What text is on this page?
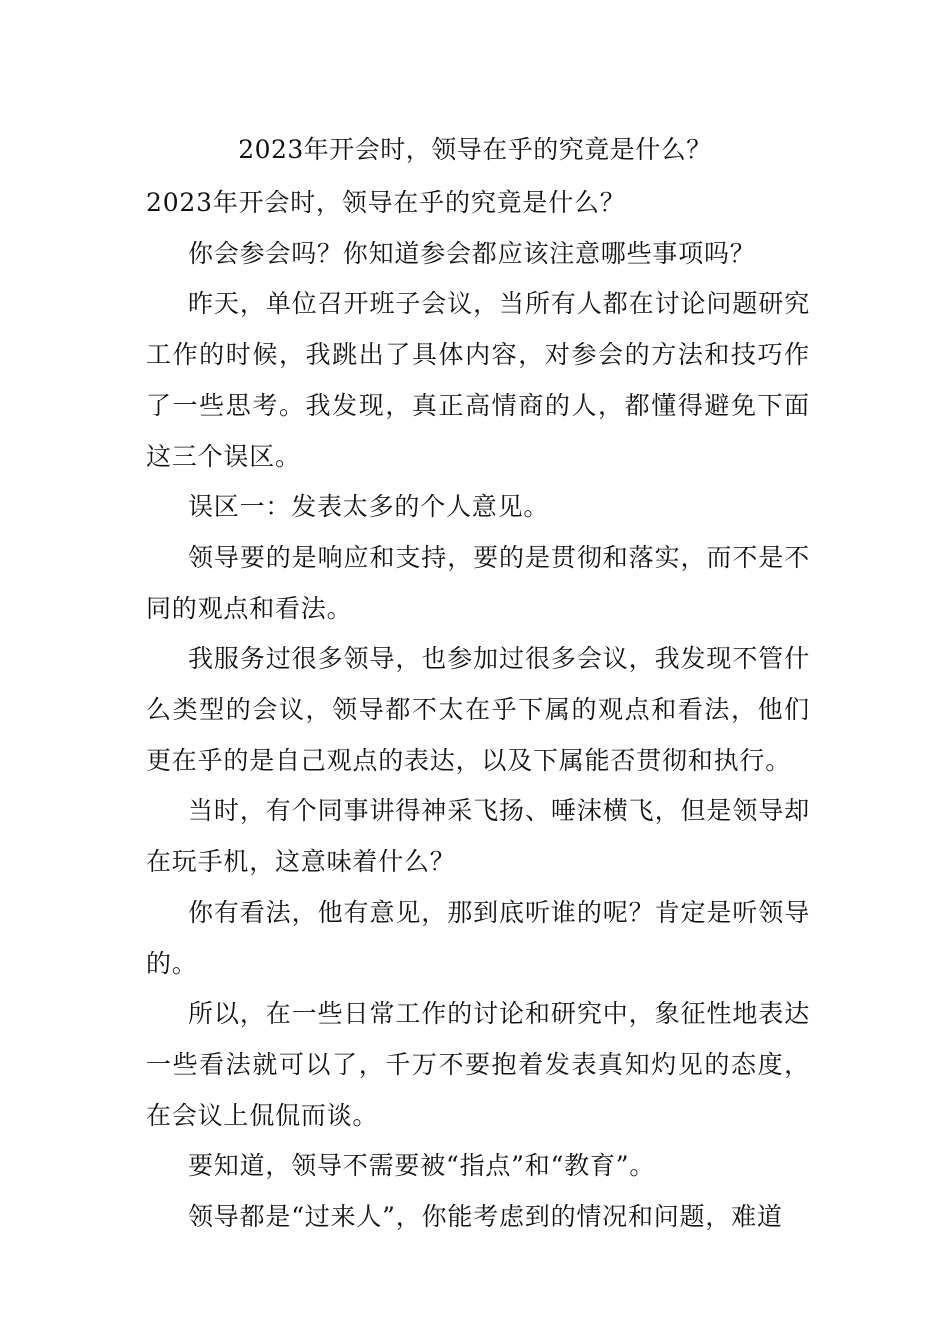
2023年开会时，领导在乎的究竟是什么？

2023年开会时，领导在乎的究竟是什么？

你会参会吗？你知道参会都应该注意哪些事项吗？

昨天，单位召开班子会议，当所有人都在讨论问题研究工作的时候，我跳出了具体内容，对参会的方法和技巧作了一些思考。我发现，真正高情商的人，都懂得避免下面这三个误区。

误区一：发表太多的个人意见。

领导要的是响应和支持，要的是贯彻和落实，而不是不同的观点和看法。

我服务过很多领导，也参加过很多会议，我发现不管什么类型的会议，领导都不太在乎下属的观点和看法，他们更在乎的是自己观点的表达，以及下属能否贯彻和执行。

当时，有个同事讲得神采飞扬、唾沫横飞，但是领导却在玩手机，这意味着什么？

你有看法，他有意见，那到底听谁的呢？肯定是听领导的。

所以，在一些日常工作的讨论和研究中，象征性地表达一些看法就可以了，千万不要抱着发表真知灼见的态度，在会议上侃侃而谈。

要知道，领导不需要被“指点”和“教育”。

领导都是“过来人”，你能考虑到的情况和问题，难道
